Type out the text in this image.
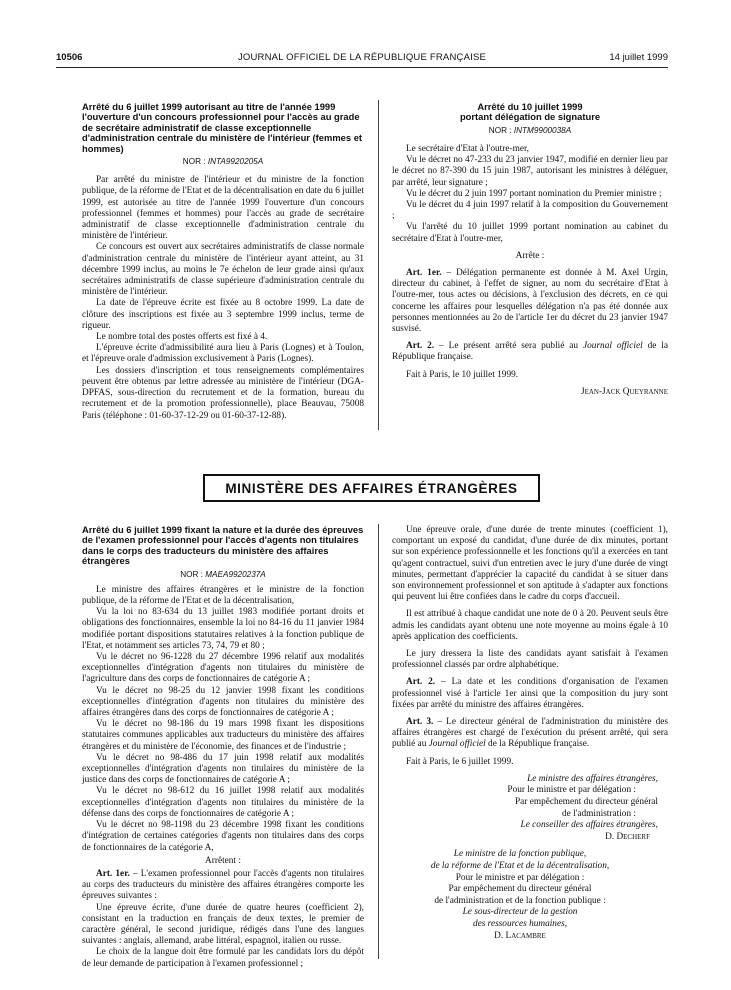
10506	JOURNAL OFFICIEL DE LA RÉPUBLIQUE FRANÇAISE	14 juillet 1999
Arrêté du 6 juillet 1999 autorisant au titre de l'année 1999 l'ouverture d'un concours professionnel pour l'accès au grade de secrétaire administratif de classe exceptionnelle d'administration centrale du ministère de l'intérieur (femmes et hommes)
NOR : INTA9920205A

Par arrêté du ministre de l'intérieur et du ministre de la fonction publique, de la réforme de l'Etat et de la décentralisation en date du 6 juillet 1999, est autorisée au titre de l'année 1999 l'ouverture d'un concours professionnel (femmes et hommes) pour l'accès au grade de secrétaire administratif de classe exceptionnelle d'administration centrale du ministère de l'intérieur.

Ce concours est ouvert aux secrétaires administratifs de classe normale d'administration centrale du ministère de l'intérieur ayant atteint, au 31 décembre 1999 inclus, au moins le 7e échelon de leur grade ainsi qu'aux secrétaires administratifs de classe supérieure d'administration centrale du ministère de l'intérieur.

La date de l'épreuve écrite est fixée au 8 octobre 1999. La date de clôture des inscriptions est fixée au 3 septembre 1999 inclus, terme de rigueur.

Le nombre total des postes offerts est fixé à 4.

L'épreuve écrite d'admissibilité aura lieu à Paris (Lognes) et à Toulon, et l'épreuve orale d'admission exclusivement à Paris (Lognes).

Les dossiers d'inscription et tous renseignements complémentaires peuvent être obtenus par lettre adressée au ministère de l'intérieur (DGA-DPFAS, sous-direction du recrutement et de la formation, bureau du recrutement et de la promotion professionnelle), place Beauvau, 75008 Paris (téléphone : 01-60-37-12-29 ou 01-60-37-12-88).

Arrêté du 10 juillet 1999
portant délégation de signature
NOR : INTM9900038A

Le secrétaire d'Etat à l'outre-mer,

Vu le décret no 47-233 du 23 janvier 1947, modifié en dernier lieu par le décret no 87-390 du 15 juin 1987, autorisant les ministres à déléguer, par arrêté, leur signature ;

Vu le décret du 2 juin 1997 portant nomination du Premier ministre ;

Vu le décret du 4 juin 1997 relatif à la composition du Gouvernement ;

Vu l'arrêté du 10 juillet 1999 portant nomination au cabinet du secrétaire d'Etat à l'outre-mer,

Arrête :

Art. 1er. – Délégation permanente est donnée à M. Axel Urgin, directeur du cabinet, à l'effet de signer, au nom du secrétaire d'Etat à l'outre-mer, tous actes ou décisions, à l'exclusion des décrets, en ce qui concerne les affaires pour lesquelles délégation n'a pas été donnée aux personnes mentionnées au 2o de l'article 1er du décret du 23 janvier 1947 susvisé.

Art. 2. – Le présent arrêté sera publié au Journal officiel de la République française.

Fait à Paris, le 10 juillet 1999.

Jean-Jack Queyranne

MINISTÈRE DES AFFAIRES ÉTRANGÈRES
Arrêté du 6 juillet 1999 fixant la nature et la durée des épreuves de l'examen professionnel pour l'accès d'agents non titulaires dans le corps des traducteurs du ministère des affaires étrangères
NOR : MAEA9920237A

Le ministre des affaires étrangères et le ministre de la fonction publique, de la réforme de l'Etat et de la décentralisation,

Vu la loi no 83-634 du 13 juillet 1983 modifiée portant droits et obligations des fonctionnaires, ensemble la loi no 84-16 du 11 janvier 1984 modifiée portant dispositions statutaires relatives à la fonction publique de l'Etat, et notamment ses articles 73, 74, 79 et 80 ;

Vu le décret no 96-1228 du 27 décembre 1996 relatif aux modalités exceptionnelles d'intégration d'agents non titulaires du ministère de l'agriculture dans des corps de fonctionnaires de catégorie A ;

Vu le décret no 98-25 du 12 janvier 1998 fixant les conditions exceptionnelles d'intégration d'agents non titulaires du ministère des affaires étrangères dans des corps de fonctionnaires de catégorie A ;

Vu le décret no 98-186 du 19 mars 1998 fixant les dispositions statutaires communes applicables aux traducteurs du ministère des affaires étrangères et du ministère de l'économie, des finances et de l'industrie ;

Vu le décret no 98-486 du 17 juin 1998 relatif aux modalités exceptionnelles d'intégration d'agents non titulaires du ministère de la justice dans des corps de fonctionnaires de catégorie A ;

Vu le décret no 98-612 du 16 juillet 1998 relatif aux modalités exceptionnelles d'intégration d'agents non titulaires du ministère de la défense dans des corps de fonctionnaires de catégorie A ;

Vu le décret no 98-1198 du 23 décembre 1998 fixant les conditions d'intégration de certaines catégories d'agents non titulaires dans des corps de fonctionnaires de la catégorie A,

Arrêtent :

Art. 1er. – L'examen professionnel pour l'accès d'agents non titulaires au corps des traducteurs du ministère des affaires étrangères comporte les épreuves suivantes :

Une épreuve écrite, d'une durée de quatre heures (coefficient 2), consistant en la traduction en français de deux textes, le premier de caractère général, le second juridique, rédigés dans l'une des langues suivantes : anglais, allemand, arabe littéral, espagnol, italien ou russe.

Le choix de la langue doit être formulé par les candidats lors du dépôt de leur demande de participation à l'examen professionnel ;

Une épreuve orale, d'une durée de trente minutes (coefficient 1), comportant un exposé du candidat, d'une durée de dix minutes, portant sur son expérience professionnelle et les fonctions qu'il a exercées en tant qu'agent contractuel, suivi d'un entretien avec le jury d'une durée de vingt minutes, permettant d'apprécier la capacité du candidat à se situer dans son environnement professionnel et son aptitude à s'adapter aux fonctions qui peuvent lui être confiées dans le cadre du corps d'accueil.

Il est attribué à chaque candidat une note de 0 à 20. Peuvent seuls être admis les candidats ayant obtenu une note moyenne au moins égale à 10 après application des coefficients.

Le jury dressera la liste des candidats ayant satisfait à l'examen professionnel classés par ordre alphabétique.

Art. 2. – La date et les conditions d'organisation de l'examen professionnel visé à l'article 1er ainsi que la composition du jury sont fixées par arrêté du ministre des affaires étrangères.

Art. 3. – Le directeur général de l'administration du ministère des affaires étrangères est chargé de l'exécution du présent arrêté, qui sera publié au Journal officiel de la République française.

Fait à Paris, le 6 juillet 1999.

Le ministre des affaires étrangères,
Pour le ministre et par délégation :
Par empêchement du directeur général
de l'administration :
Le conseiller des affaires étrangères,
D. Decherf
Le ministre de la fonction publique,
de la réforme de l'Etat et de la décentralisation,
Pour le ministre et par délégation :
Par empêchement du directeur général
de l'administration et de la fonction publique :
Le sous-directeur de la gestion
des ressources humaines,
D. Lacambre
